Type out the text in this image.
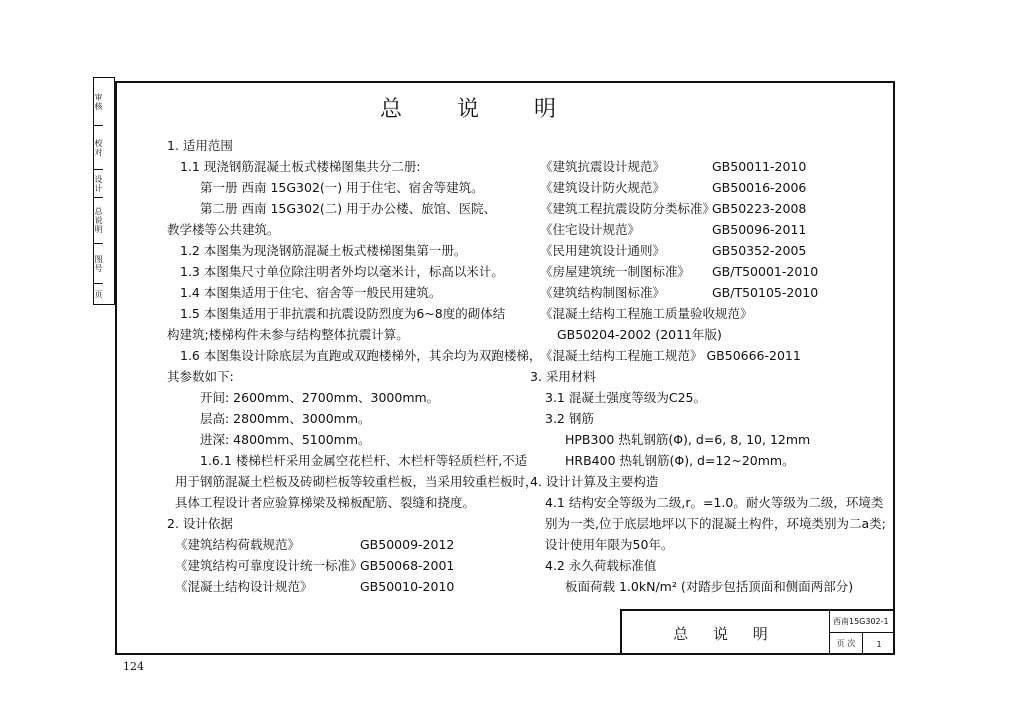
审核
校对
设计
总说明
图号
页
总 说 明
1. 适用范围
1.1 现浇钢筋混凝土板式楼梯图集共分二册:
第一册 西南 15G302(一) 用于住宅、宿舍等建筑。
第二册 西南 15G302(二) 用于办公楼、旅馆、医院、
教学楼等公共建筑。
1.2 本图集为现浇钢筋混凝土板式楼梯图集第一册。
1.3 本图集尺寸单位除注明者外均以毫米计，标高以米计。
1.4 本图集适用于住宅、宿舍等一般民用建筑。
1.5 本图集适用于非抗震和抗震设防烈度为6~8度的砌体结
构建筑;楼梯构件未参与结构整体抗震计算。
1.6 本图集设计除底层为直跑或双跑楼梯外，其余均为双跑楼梯，
其参数如下:
开间: 2600mm、2700mm、3000mm。
层高: 2800mm、3000mm。
进深: 4800mm、5100mm。
1.6.1 楼梯栏杆采用金属空花栏杆、木栏杆等轻质栏杆,不适
用于钢筋混凝土栏板及砖砌栏板等较重栏板，当采用较重栏板时，
具体工程设计者应验算梯梁及梯板配筋、裂缝和挠度。
2. 设计依据
《建筑结构荷载规范》
《建筑结构可靠度设计统一标准》
《混凝土结构设计规范》
GB50009-2012
GB50068-2001
GB50010-2010
《建筑抗震设计规范》
《建筑设计防火规范》
《建筑工程抗震设防分类标准》
《住宅设计规范》
《民用建筑设计通则》
《房屋建筑统一制图标准》
《建筑结构制图标准》
《混凝土结构工程施工质量验收规范》
GB50204-2002 (2011年版)
《混凝土结构工程施工规范》 GB50666-2011
3. 采用材料
3.1 混凝土强度等级为C25。
3.2 钢筋
HPB300 热轧钢筋(Φ), d=6, 8, 10, 12mm
HRB400 热轧钢筋(Φ), d=12~20mm。
4. 设计计算及主要构造
4.1 结构安全等级为二级,r。=1.0。耐火等级为二级，环境类
别为一类,位于底层地坪以下的混凝土构件，环境类别为二a类;
设计使用年限为50年。
4.2 永久荷载标准值
板面荷载 1.0kN/m² (对踏步包括顶面和侧面两部分)
GB50011-2010
GB50016-2006
GB50223-2008
GB50096-2011
GB50352-2005
GB/T50001-2010
GB/T50105-2010
总 说 明
西南15G302-1
页 次	1
124
